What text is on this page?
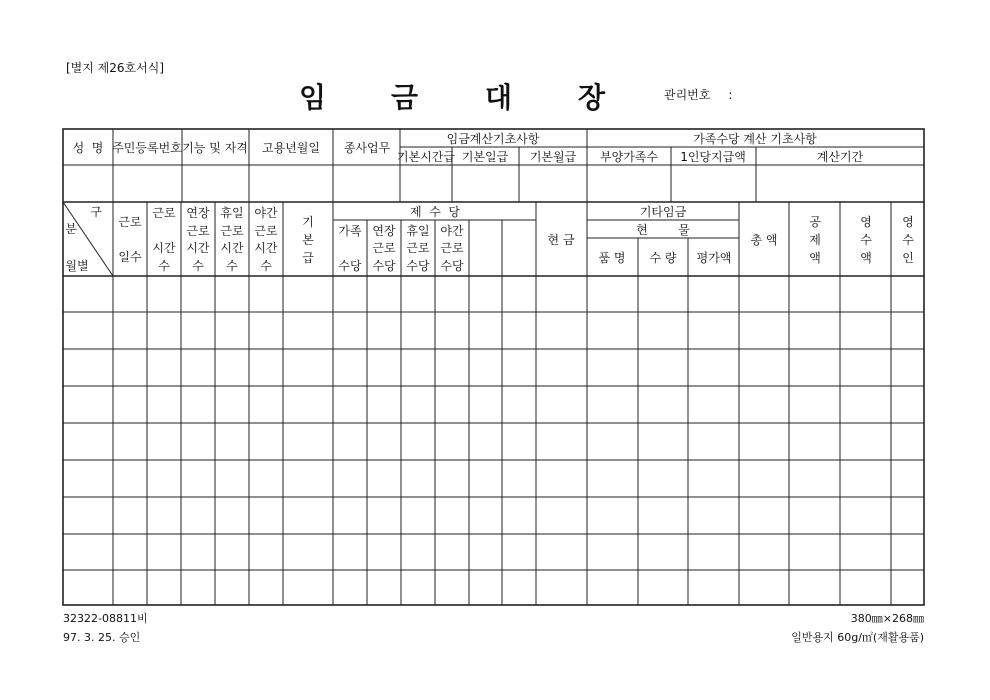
[별지 제26호서식]
임 금 대 장	관리번호 :
성  명 주민등록번호 기능 및 자격 고용년월일 종사업무
임금계산기초사항
기본시간급 기본일급 기본월급
가족수당 계산 기초사항
부양가족수 1인당지급액	계산기간
구
분
월별
근로
일수
근로
시간
수
연장
근로
시간
수
휴일
근로
시간
수
야간
근로
시간
수
기
본
급
제  수  당
가족
수당
연장
근로
수당
휴일
근로
수당
야간
근로
수당
현 금
기타임금
현        물
품 명 수 량 평가액
총 액
공
제
액
영
수
액
영
수
인
32322-08811비
97. 3. 25. 승인
380㎜×268㎜
일반용지 60g/㎡(재활용품)
